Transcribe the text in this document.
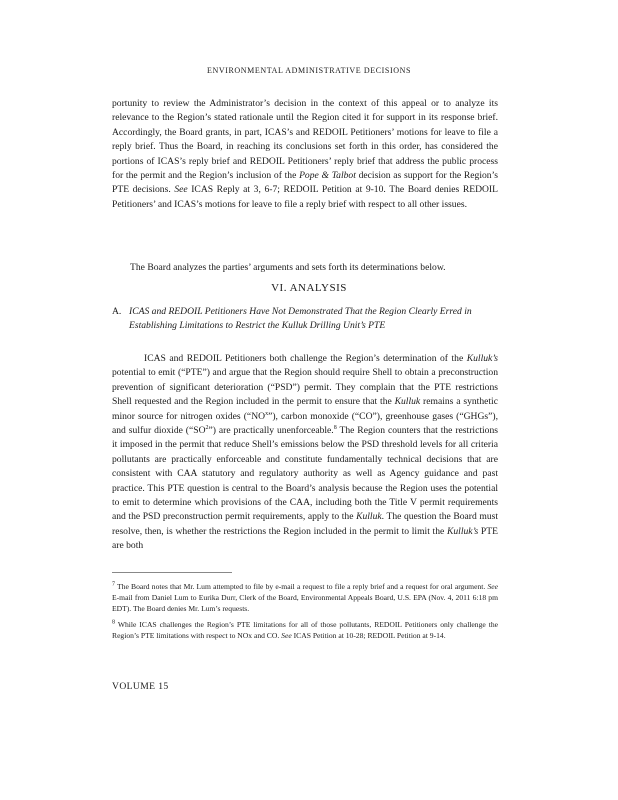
ENVIRONMENTAL ADMINISTRATIVE DECISIONS

portunity to review the Administrator’s decision in the context of this appeal or to analyze its relevance to the Region’s stated rationale until the Region cited it for support in its response brief. Accordingly, the Board grants, in part, ICAS’s and REDOIL Petitioners’ motions for leave to file a reply brief. Thus the Board, in reaching its conclusions set forth in this order, has considered the portions of ICAS’s reply brief and REDOIL Petitioners’ reply brief that address the public process for the permit and the Region’s inclusion of the Pope & Talbot decision as support for the Region’s PTE decisions. See ICAS Reply at 3, 6-7; REDOIL Petition at 9-10. The Board denies REDOIL Petitioners’ and ICAS’s motions for leave to file a reply brief with respect to all other issues.

The Board analyzes the parties’ arguments and sets forth its determinations below.

VI. ANALYSIS
A. ICAS and REDOIL Petitioners Have Not Demonstrated That the Region Clearly Erred in Establishing Limitations to Restrict the Kulluk Drilling Unit’s PTE

ICAS and REDOIL Petitioners both challenge the Region’s determination of the Kulluk’s potential to emit (“PTE”) and argue that the Region should require Shell to obtain a preconstruction prevention of significant deterioration (“PSD”) permit. They complain that the PTE restrictions Shell requested and the Region included in the permit to ensure that the Kulluk remains a synthetic minor source for nitrogen oxides $(“NO^x”)$, carbon monoxide (“CO”), greenhouse gases (“GHGs”), and sulfur dioxide $(“SO^2”)$ are practically unenforceable.$^8$ The Region counters that the restrictions it imposed in the permit that reduce Shell’s emissions below the PSD threshold levels for all criteria pollutants are practically enforceable and constitute fundamentally technical decisions that are consistent with CAA statutory and regulatory authority as well as Agency guidance and past practice. This PTE question is central to the Board’s analysis because the Region uses the potential to emit to determine which provisions of the CAA, including both the Title V permit requirements and the PSD preconstruction permit requirements, apply to the Kulluk. The question the Board must resolve, then, is whether the restrictions the Region included in the permit to limit the Kulluk’s PTE are both

$^7$ The Board notes that Mr. Lum attempted to file by e-mail a request to file a reply brief and a request for oral argument. See E-mail from Daniel Lum to Eurika Durr, Clerk of the Board, Environmental Appeals Board, U.S. EPA (Nov. 4, 2011 6:18 pm EDT). The Board denies Mr. Lum’s requests.

$^8$ While ICAS challenges the Region’s PTE limitations for all of those pollutants, REDOIL Petitioners only challenge the Region’s PTE limitations with respect to NOx and CO. See ICAS Petition at 10-28; REDOIL Petition at 9-14.

VOLUME 15
